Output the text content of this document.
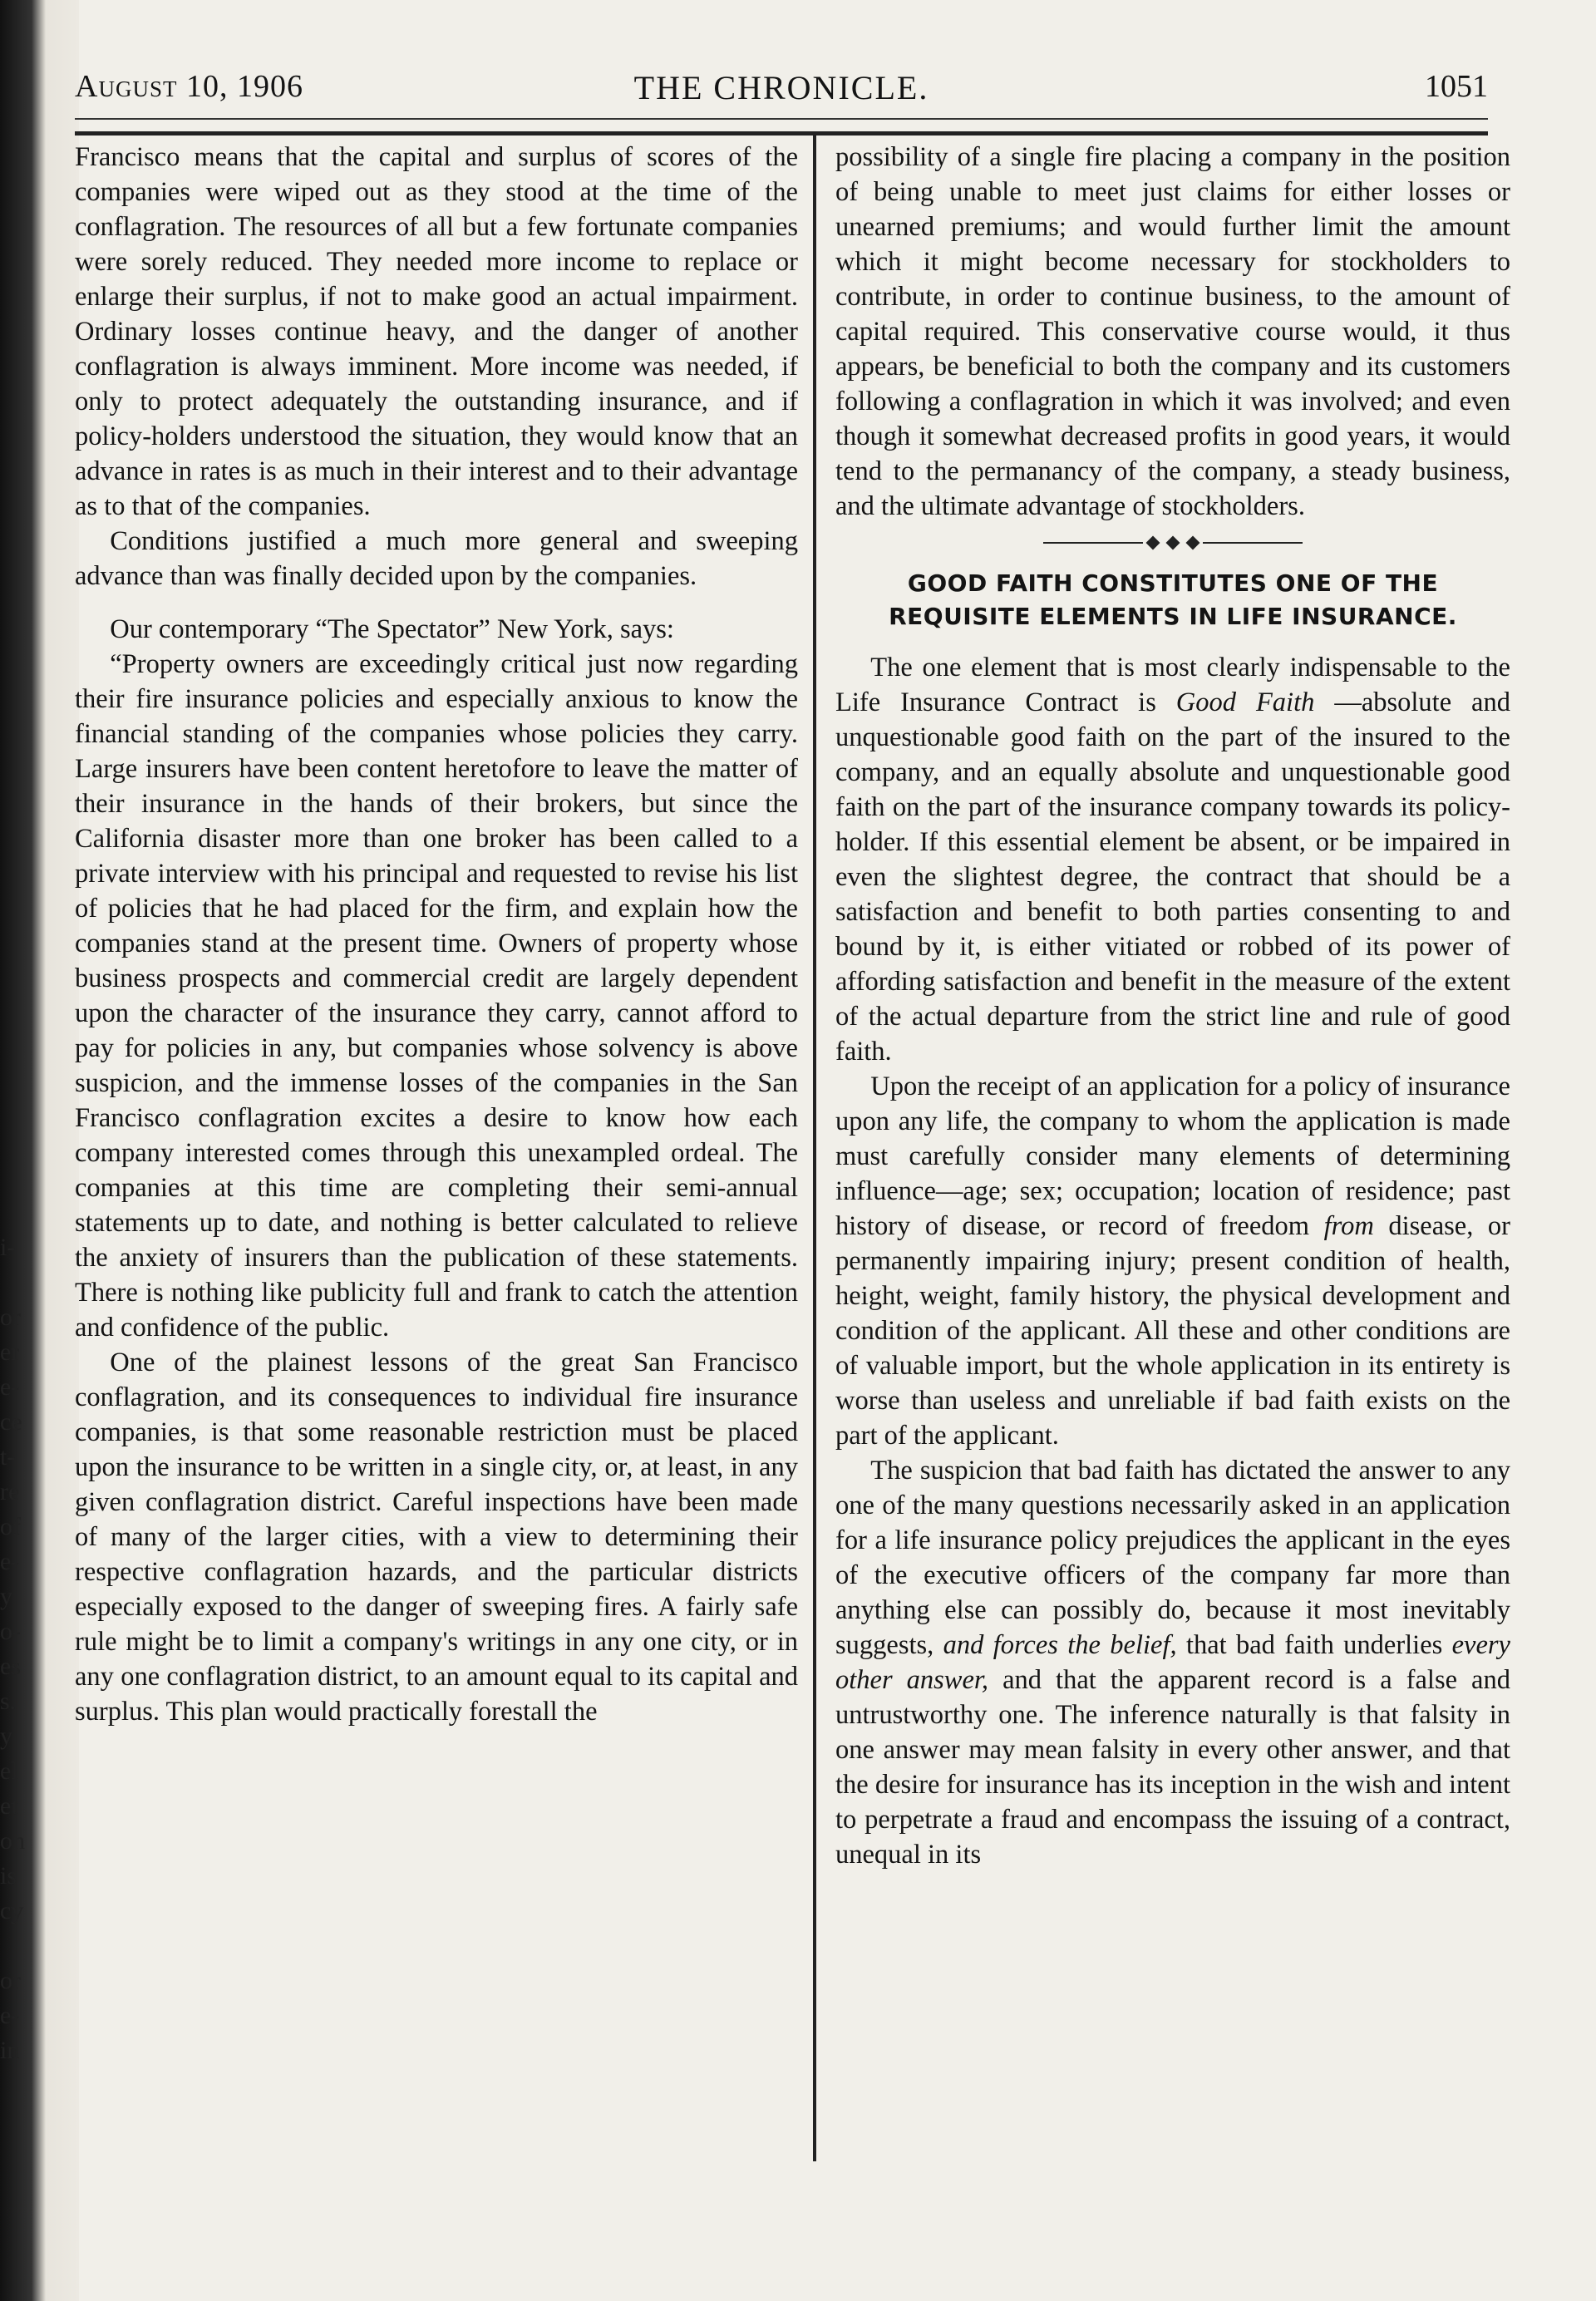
i-
or
er
e-
ce
t-
re
of
e-
y
o-
es
s.
y
el
et
on
is
cy
or
e-
in
August 10, 1906	THE CHRONICLE.	1051

Francisco means that the capital and surplus of scores of the companies were wiped out as they stood at the time of the conflagration. The resources of all but a few fortunate companies were sorely reduced. They needed more income to replace or enlarge their surplus, if not to make good an actual impairment. Ordinary losses continue heavy, and the danger of another conflagration is always imminent. More income was needed, if only to protect adequately the outstanding insurance, and if policy-holders understood the situation, they would know that an advance in rates is as much in their interest and to their advantage as to that of the companies.

Conditions justified a much more general and sweeping advance than was finally decided upon by the companies.

Our contemporary “The Spectator” New York, says:

“Property owners are exceedingly critical just now regarding their fire insurance policies and especially anxious to know the financial standing of the companies whose policies they carry. Large insurers have been content heretofore to leave the matter of their insurance in the hands of their brokers, but since the California disaster more than one broker has been called to a private interview with his principal and requested to revise his list of policies that he had placed for the firm, and explain how the companies stand at the present time. Owners of property whose business prospects and commercial credit are largely dependent upon the character of the insurance they carry, cannot afford to pay for policies in any, but companies whose solvency is above suspicion, and the immense losses of the companies in the San Francisco conflagration excites a desire to know how each company interested comes through this unexampled ordeal. The companies at this time are completing their semi-annual statements up to date, and nothing is better calculated to relieve the anxiety of insurers than the publication of these statements. There is nothing like publicity full and frank to catch the attention and confidence of the public.

One of the plainest lessons of the great San Francisco conflagration, and its consequences to individual fire insurance companies, is that some reasonable restriction must be placed upon the insurance to be written in a single city, or, at least, in any given conflagration district. Careful inspections have been made of many of the larger cities, with a view to determining their respective conflagration hazards, and the particular districts especially exposed to the danger of sweeping fires. A fairly safe rule might be to limit a company's writings in any one city, or in any one conflagration district, to an amount equal to its capital and surplus. This plan would practically forestall the

possibility of a single fire placing a company in the position of being unable to meet just claims for either losses or unearned premiums; and would further limit the amount which it might become necessary for stockholders to contribute, in order to continue business, to the amount of capital required. This conservative course would, it thus appears, be beneficial to both the company and its customers following a conflagration in which it was involved; and even though it somewhat decreased profits in good years, it would tend to the permanancy of the company, a steady business, and the ultimate advantage of stockholders.

GOOD FAITH CONSTITUTES ONE OF THE REQUISITE ELEMENTS IN LIFE INSURANCE.

The one element that is most clearly indispensable to the Life Insurance Contract is Good Faith —absolute and unquestionable good faith on the part of the insured to the company, and an equally absolute and unquestionable good faith on the part of the insurance company towards its policy-holder. If this essential element be absent, or be impaired in even the slightest degree, the contract that should be a satisfaction and benefit to both parties consenting to and bound by it, is either vitiated or robbed of its power of affording satisfaction and benefit in the measure of the extent of the actual departure from the strict line and rule of good faith.

Upon the receipt of an application for a policy of insurance upon any life, the company to whom the application is made must carefully consider many elements of determining influence—age; sex; occupation; location of residence; past history of disease, or record of freedom from disease, or permanently impairing injury; present condition of health, height, weight, family history, the physical development and condition of the applicant. All these and other conditions are of valuable import, but the whole application in its entirety is worse than useless and unreliable if bad faith exists on the part of the applicant.

The suspicion that bad faith has dictated the answer to any one of the many questions necessarily asked in an application for a life insurance policy prejudices the applicant in the eyes of the executive officers of the company far more than anything else can possibly do, because it most inevitably suggests, and forces the belief, that bad faith underlies every other answer, and that the apparent record is a false and untrustworthy one. The inference naturally is that falsity in one answer may mean falsity in every other answer, and that the desire for insurance has its inception in the wish and intent to perpetrate a fraud and encompass the issuing of a contract, unequal in its
